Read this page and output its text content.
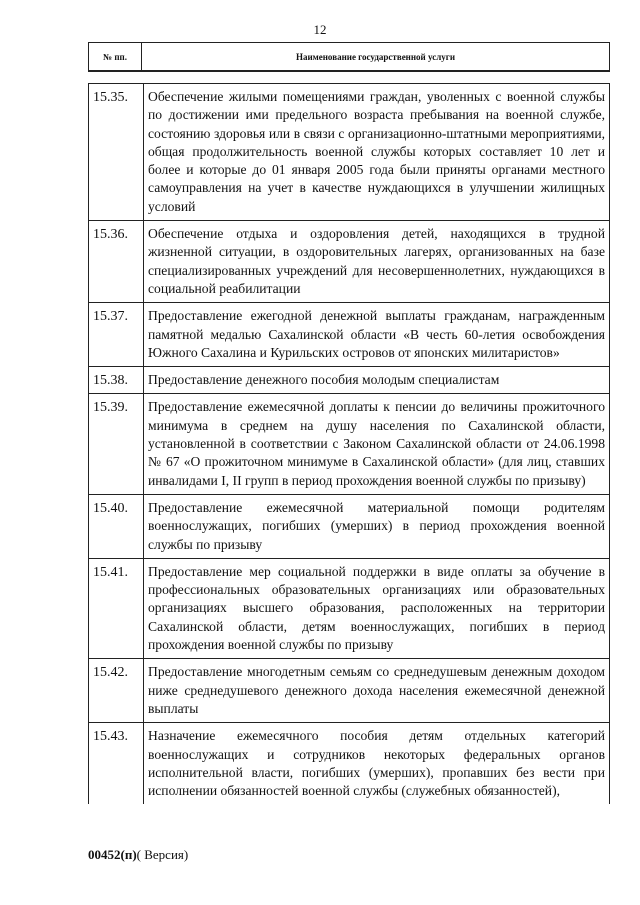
12
№ пп.	Наименование государственной услуги
15.35.	Обеспечение жилыми помещениями граждан, уволенных с военной службы по достижении ими предельного возраста пребывания на военной службе, состоянию здоровья или в связи с организационно-штатными мероприятиями, общая продолжительность военной службы которых составляет 10 лет и более и которые до 01 января 2005 года были приняты органами местного самоуправления на учет в качестве нуждающихся в улучшении жилищных условий
15.36.	Обеспечение отдыха и оздоровления детей, находящихся в трудной жизненной ситуации, в оздоровительных лагерях, организованных на базе специализированных учреждений для несовершеннолетних, нуждающихся в социальной реабилитации
15.37.	Предоставление ежегодной денежной выплаты гражданам, награжденным памятной медалью Сахалинской области «В честь 60-летия освобождения Южного Сахалина и Курильских островов от японских милитаристов»
15.38.	Предоставление денежного пособия молодым специалистам
15.39.	Предоставление ежемесячной доплаты к пенсии до величины прожиточного минимума в среднем на душу населения по Сахалинской области, установленной в соответствии с Законом Сахалинской области от 24.06.1998 № 67 «О прожиточном минимуме в Сахалинской области» (для лиц, ставших инвалидами I, II групп в период прохождения военной службы по призыву)
15.40.	Предоставление ежемесячной материальной помощи родителям военнослужащих, погибших (умерших) в период прохождения военной службы по призыву
15.41.	Предоставление мер социальной поддержки в виде оплаты за обучение в профессиональных образовательных организациях или образовательных организациях высшего образования, расположенных на территории Сахалинской области, детям военнослужащих, погибших в период прохождения военной службы по призыву
15.42.	Предоставление многодетным семьям со среднедушевым денежным доходом ниже среднедушевого денежного дохода населения ежемесячной денежной выплаты
15.43.	Назначение ежемесячного пособия детям отдельных категорий военнослужащих и сотрудников некоторых федеральных органов исполнительной власти, погибших (умерших), пропавших без вести при исполнении обязанностей военной службы (служебных обязанностей),
00452(п)( Версия)
